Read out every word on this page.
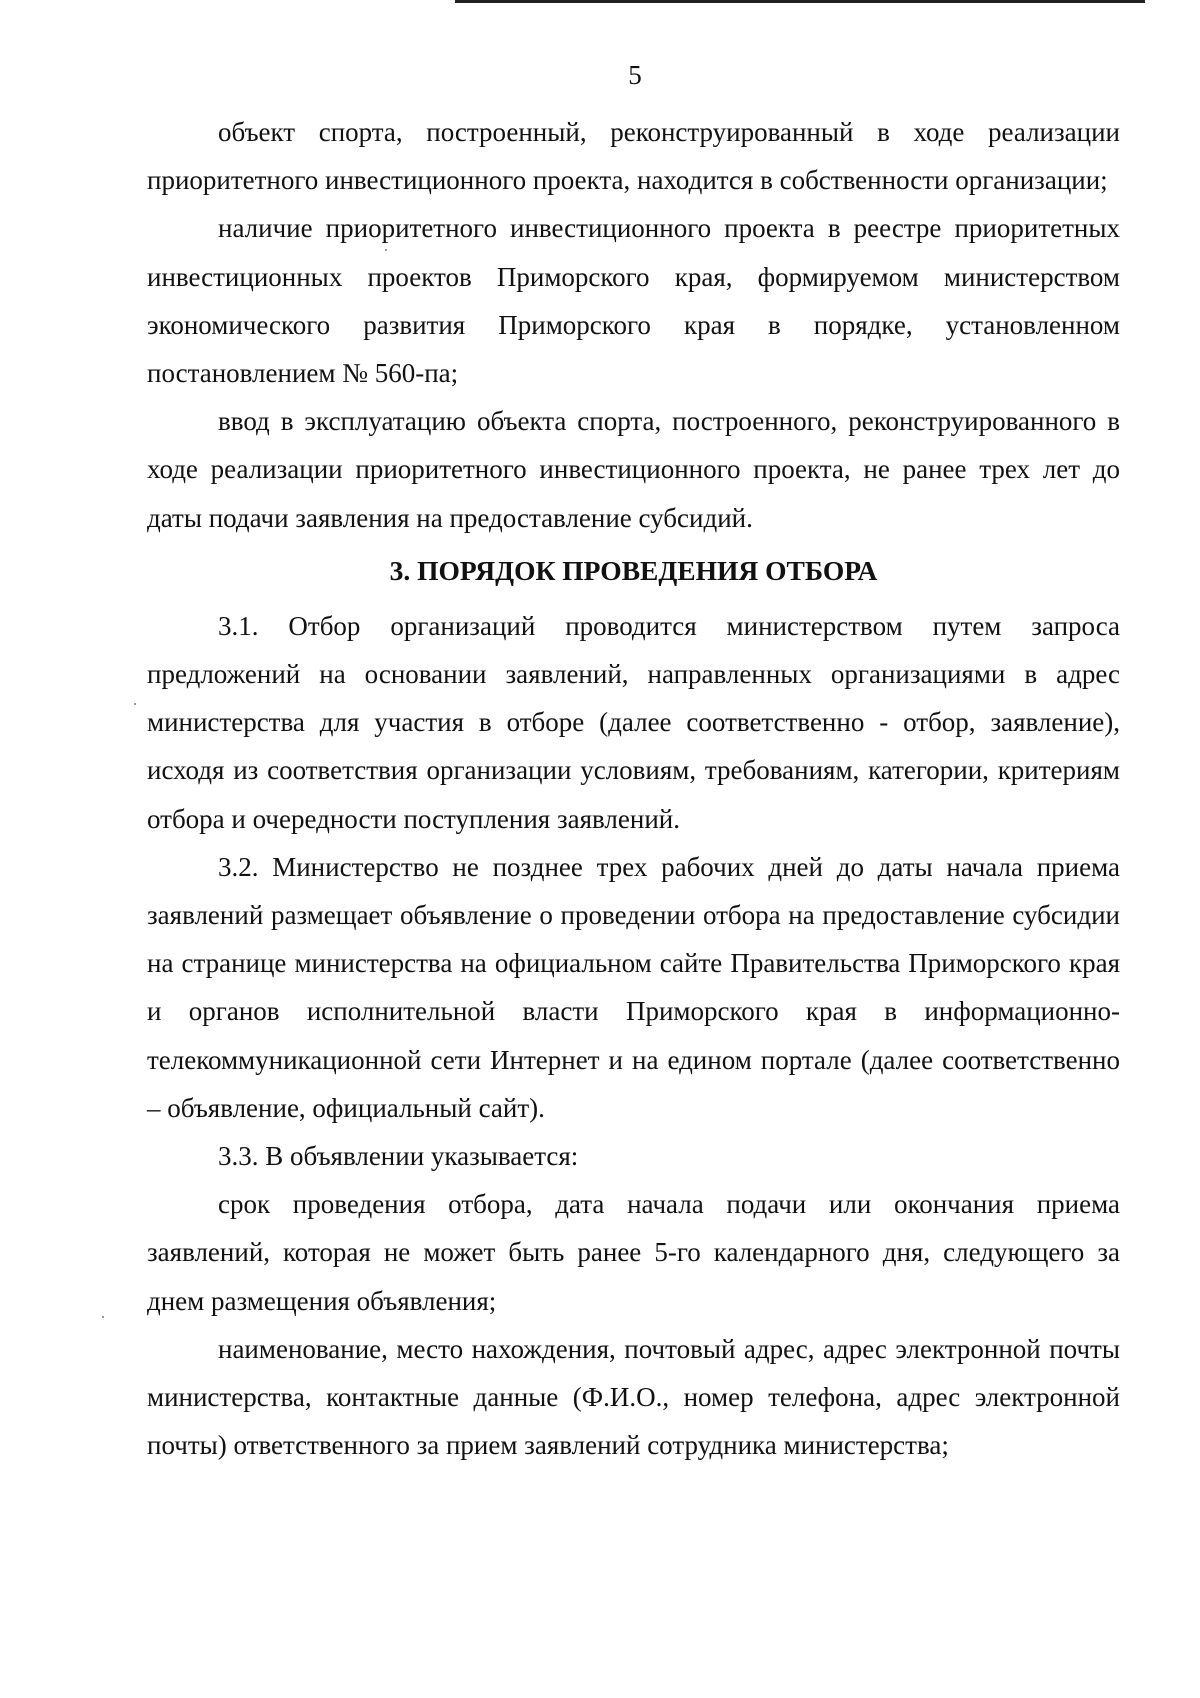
5

объект спорта, построенный, реконструированный в ходе реализации приоритетного инвестиционного проекта, находится в собственности организации;

наличие приоритетного инвестиционного проекта в реестре приоритетных инвестиционных проектов Приморского края, формируемом министерством экономического развития Приморского края в порядке, установленном постановлением № 560-па;

ввод в эксплуатацию объекта спорта, построенного, реконструированного в ходе реализации приоритетного инвестиционного проекта, не ранее трех лет до даты подачи заявления на предоставление субсидий.

3. ПОРЯДОК ПРОВЕДЕНИЯ ОТБОРА

3.1. Отбор организаций проводится министерством путем запроса предложений на основании заявлений, направленных организациями в адрес министерства для участия в отборе (далее соответственно - отбор, заявление), исходя из соответствия организации условиям, требованиям, категории, критериям отбора и очередности поступления заявлений.

3.2. Министерство не позднее трех рабочих дней до даты начала приема заявлений размещает объявление о проведении отбора на предоставление субсидии на странице министерства на официальном сайте Правительства Приморского края и органов исполнительной власти Приморского края в информационно-телекоммуникационной сети Интернет и на едином портале (далее соответственно – объявление, официальный сайт).

3.3. В объявлении указывается:

срок проведения отбора, дата начала подачи или окончания приема заявлений, которая не может быть ранее 5-го календарного дня, следующего за днем размещения объявления;

наименование, место нахождения, почтовый адрес, адрес электронной почты министерства, контактные данные (Ф.И.О., номер телефона, адрес электронной почты) ответственного за прием заявлений сотрудника министерства;
